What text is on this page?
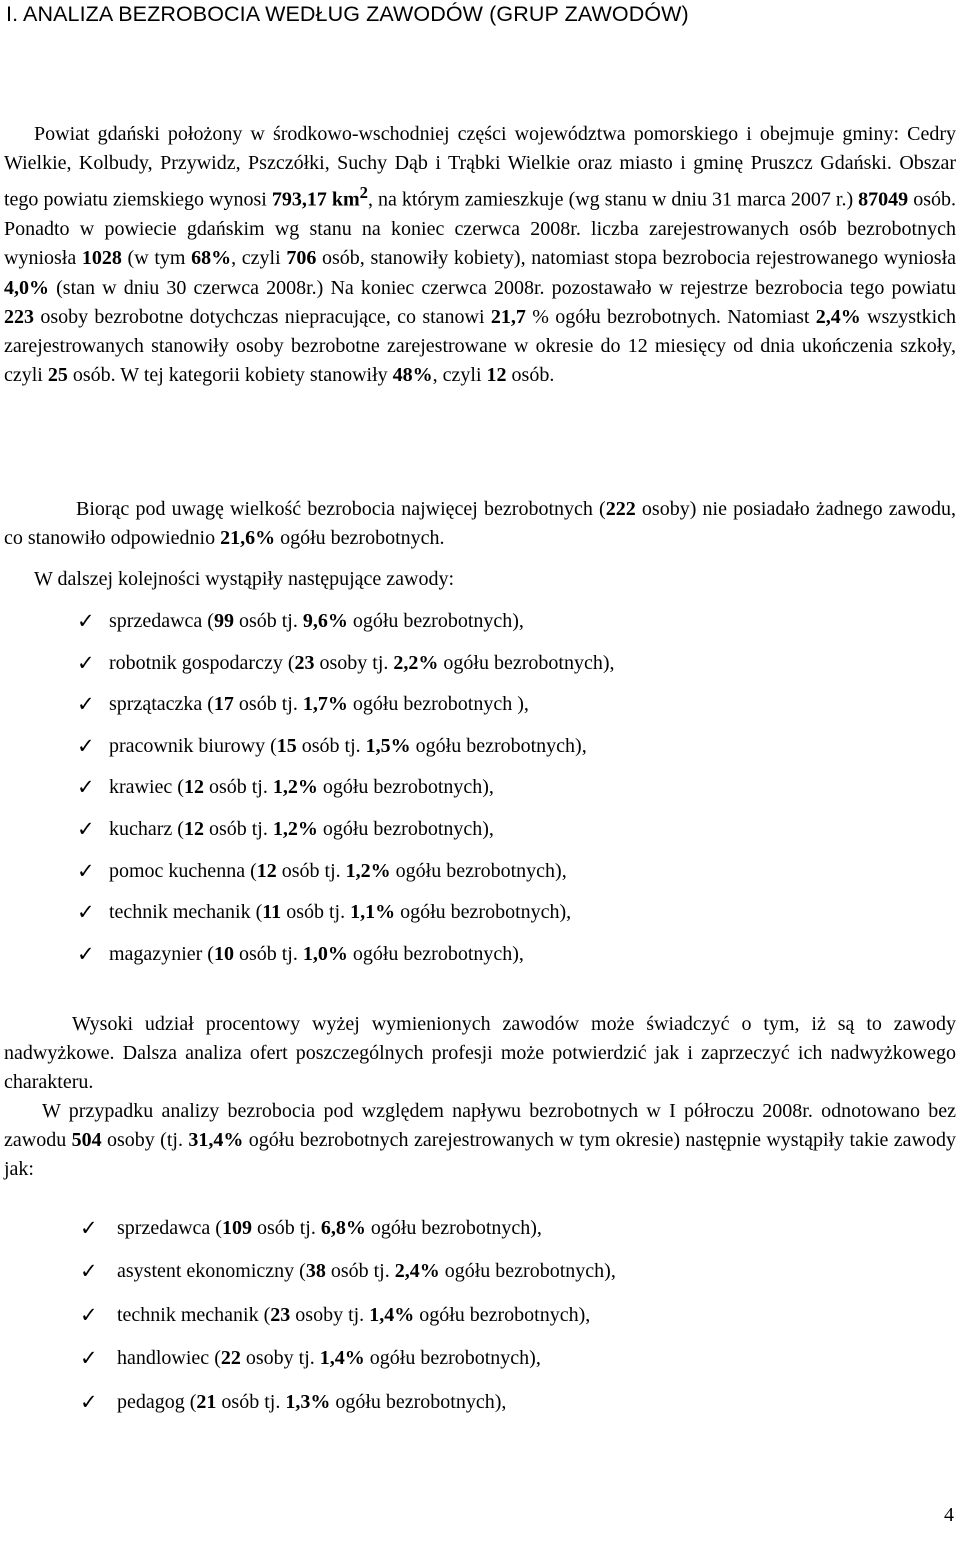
I. ANALIZA BEZROBOCIA WEDŁUG ZAWODÓW (GRUP ZAWODÓW)

Powiat gdański położony w środkowo-wschodniej części województwa pomorskiego i obejmuje gminy: Cedry Wielkie, Kolbudy, Przywidz, Pszczółki, Suchy Dąb i Trąbki Wielkie oraz miasto i gminę Pruszcz Gdański. Obszar tego powiatu ziemskiego wynosi 793,17 $km^2$, na którym zamieszkuje (wg stanu w dniu 31 marca 2007 r.) 87049 osób. Ponadto w powiecie gdańskim wg stanu na koniec czerwca 2008r. liczba zarejestrowanych osób bezrobotnych wyniosła 1028 (w tym 68%, czyli 706 osób, stanowiły kobiety), natomiast stopa bezrobocia rejestrowanego wyniosła 4,0% (stan w dniu 30 czerwca 2008r.) Na koniec czerwca 2008r. pozostawało w rejestrze bezrobocia tego powiatu 223 osoby bezrobotne dotychczas niepracujące, co stanowi 21,7 % ogółu bezrobotnych. Natomiast 2,4% wszystkich zarejestrowanych stanowiły osoby bezrobotne zarejestrowane w okresie do 12 miesięcy od dnia ukończenia szkoły, czyli 25 osób. W tej kategorii kobiety stanowiły 48%, czyli 12 osób.

Biorąc pod uwagę wielkość bezrobocia najwięcej bezrobotnych (222 osoby) nie posiadało żadnego zawodu, co stanowiło odpowiednio 21,6% ogółu bezrobotnych.

W dalszej kolejności wystąpiły następujące zawody:

✓ sprzedawca (99 osób tj. 9,6% ogółu bezrobotnych),
✓ robotnik gospodarczy (23 osoby tj. 2,2% ogółu bezrobotnych),
✓ sprzątaczka (17 osób tj. 1,7% ogółu bezrobotnych ),
✓ pracownik biurowy (15 osób tj. 1,5% ogółu bezrobotnych),
✓ krawiec (12 osób tj. 1,2% ogółu bezrobotnych),
✓ kucharz (12 osób tj. 1,2% ogółu bezrobotnych),
✓ pomoc kuchenna (12 osób tj. 1,2% ogółu bezrobotnych),
✓ technik mechanik (11 osób tj. 1,1% ogółu bezrobotnych),
✓ magazynier (10 osób tj. 1,0% ogółu bezrobotnych),

Wysoki udział procentowy wyżej wymienionych zawodów może świadczyć o tym, iż są to zawody nadwyżkowe. Dalsza analiza ofert poszczególnych profesji może potwierdzić jak i zaprzeczyć ich nadwyżkowego charakteru.

W przypadku analizy bezrobocia pod względem napływu bezrobotnych w I półroczu 2008r. odnotowano bez zawodu 504 osoby (tj. 31,4% ogółu bezrobotnych zarejestrowanych w tym okresie) następnie wystąpiły takie zawody jak:

✓ sprzedawca (109 osób tj. 6,8% ogółu bezrobotnych),
✓ asystent ekonomiczny (38 osób tj. 2,4% ogółu bezrobotnych),
✓ technik mechanik (23 osoby tj. 1,4% ogółu bezrobotnych),
✓ handlowiec (22 osoby tj. 1,4% ogółu bezrobotnych),
✓ pedagog (21 osób tj. 1,3% ogółu bezrobotnych),
4
